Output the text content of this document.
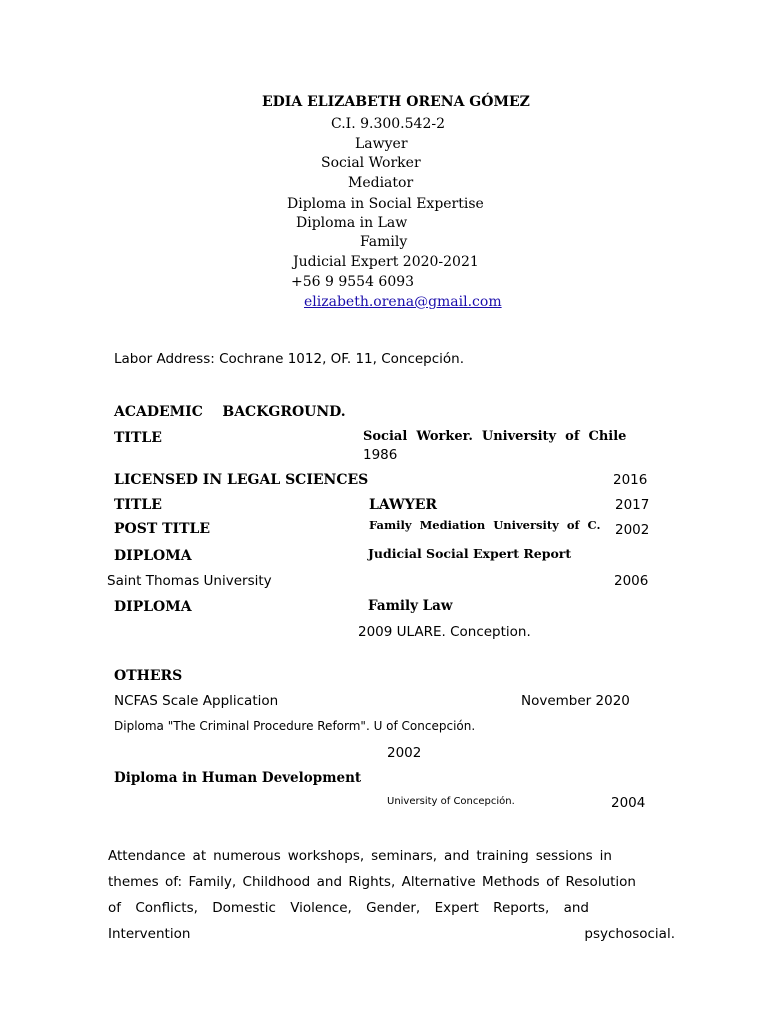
EDIA ELIZABETH ORENA GÓMEZ
C.I. 9.300.542-2
Lawyer
Social Worker
Mediator
Diploma in Social Expertise
Diploma in Law
Family
Judicial Expert 2020-2021
+56 9 9554 6093
elizabeth.orena@gmail.com
Labor Address: Cochrane 1012, OF. 11, Concepción.
ACADEMIC    BACKGROUND.
TITLE	Social  Worker.  University  of  Chile
1986
LICENSED IN LEGAL SCIENCES	2016
TITLE	LAWYER	2017
POST TITLE	Family  Mediation  University  of  C. 2002
DIPLOMA	Judicial Social Expert Report
Saint Thomas University	2006
DIPLOMA	Family Law
2009 ULARE. Conception.
OTHERS
NCFAS Scale Application	November 2020
Diploma "The Criminal Procedure Reform". U of Concepción.
2002
Diploma in Human Development
University of Concepción.	2004
Attendance at numerous workshops, seminars, and training sessions in
themes of: Family, Childhood and Rights, Alternative Methods of Resolution
of Conflicts, Domestic Violence, Gender, Expert Reports, and
Intervention psychosocial.
